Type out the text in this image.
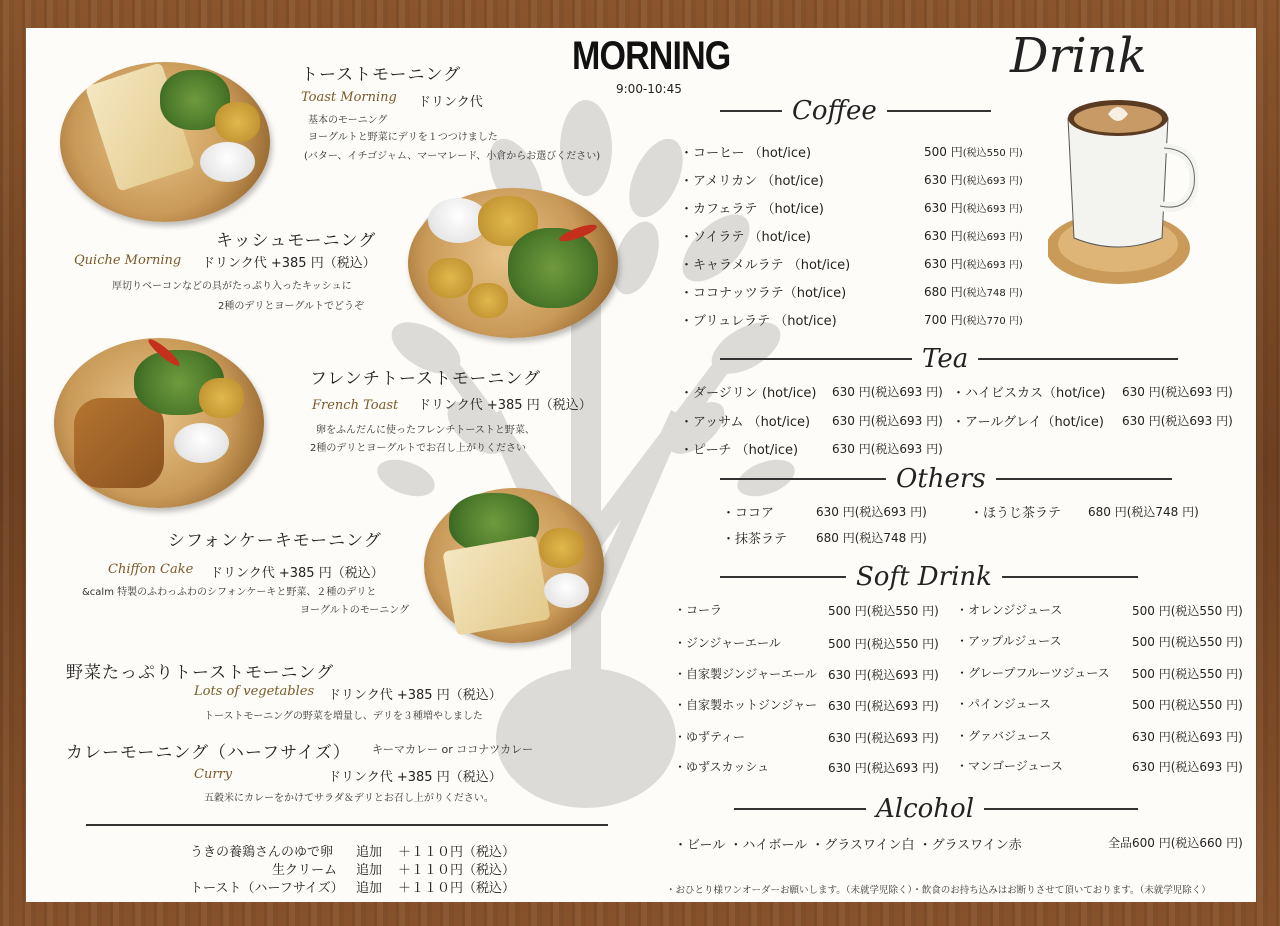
トーストモーニング
Toast Morning ドリンク代
基本のモーニング
ヨーグルトと野菜にデリを１つつけました
(バター、イチゴジャム、マーマレード、小倉からお選びください)
キッシュモーニング
Quiche Morning ドリンク代 +385 円（税込）
厚切りベーコンなどの具がたっぷり入ったキッシュに
2種のデリとヨーグルトでどうぞ
フレンチトーストモーニング
French Toast ドリンク代 +385 円（税込）
卵をふんだんに使ったフレンチトーストと野菜、
2種のデリとヨーグルトでお召し上がりください
シフォンケーキモーニング
Chiffon Cake ドリンク代 +385 円（税込）
&calm 特製のふわっふわのシフォンケーキと野菜、２種のデリと
ヨーグルトのモーニング
野菜たっぷりトーストモーニング
Lots of vegetables ドリンク代 +385 円（税込）
トーストモーニングの野菜を増量し、デリを３種増やしました
カレーモーニング（ハーフサイズ） キーマカレー or ココナツカレー
Curry	ドリンク代 +385 円（税込）
五穀米にカレーをかけてサラダ＆デリとお召し上がりください。
うきの養鶏さんのゆで卵 追加 ＋１１０円（税込）
生クリーム 追加 ＋１１０円（税込）
トースト（ハーフサイズ） 追加 ＋１１０円（税込）
MORNING
9:00-10:45
Drink
Coffee
・コーヒー （hot/ice)	500 円(税込550 円)
・アメリカン （hot/ice)	630 円(税込693 円)
・カフェラテ （hot/ice)	630 円(税込693 円)
・ソイラテ （hot/ice)	630 円(税込693 円)
・キャラメルラテ （hot/ice)	630 円(税込693 円)
・ココナッツラテ（hot/ice)	680 円(税込748 円)
・ブリュレラテ （hot/ice)	700 円(税込770 円)
Tea
・ダージリン (hot/ice) 630 円(税込693 円) ・ハイビスカス（hot/ice) 630 円(税込693 円)
・アッサム （hot/ice) 630 円(税込693 円) ・アールグレイ（hot/ice) 630 円(税込693 円)
・ピーチ （hot/ice)	630 円(税込693 円)
Others
・ココア	630 円(税込693 円)	・ほうじ茶ラテ 680 円(税込748 円)
・抹茶ラテ 680 円(税込748 円)
Soft Drink
・コーラ	500 円(税込550 円)
・ジンジャーエール	500 円(税込550 円)
・自家製ジンジャーエール 630 円(税込693 円)
・自家製ホットジンジャー 630 円(税込693 円)
・ゆずティー	630 円(税込693 円)
・ゆずスカッシュ	630 円(税込693 円)
・オレンジジュース	500 円(税込550 円)
・アップルジュース	500 円(税込550 円)
・グレープフルーツジュース 500 円(税込550 円)
・パインジュース	500 円(税込550 円)
・グァバジュース	630 円(税込693 円)
・マンゴージュース	630 円(税込693 円)
Alcohol
・ビール ・ハイボール ・グラスワイン白 ・グラスワイン赤	全品600 円(税込660 円)
・おひとり様ワンオーダーお願いします。（未就学児除く）・飲食のお持ち込みはお断りさせて頂いております。（未就学児除く）
